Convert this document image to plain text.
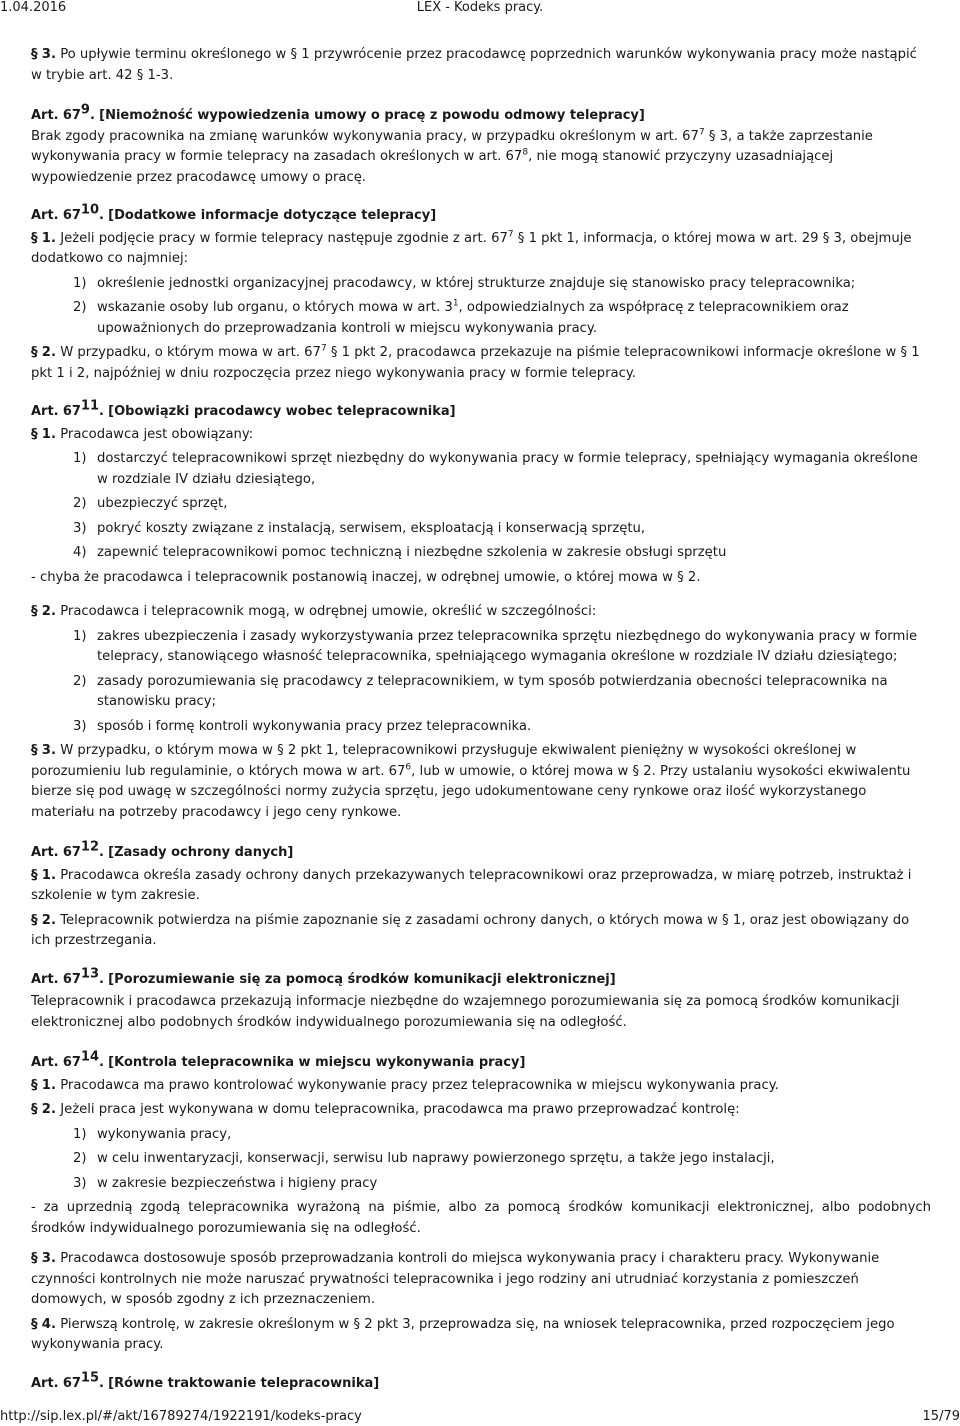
1.04.2016	LEX - Kodeks pracy.

§ 3. Po upływie terminu określonego w § 1 przywrócenie przez pracodawcę poprzednich warunków wykonywania pracy może nastąpić w trybie art. 42 § 1-3.

Art. $67^9$. [Niemożność wypowiedzenia umowy o pracę z powodu odmowy telepracy]

Brak zgody pracownika na zmianę warunków wykonywania pracy, w przypadku określonym w art. $67^7$ § 3, a także zaprzestanie wykonywania pracy w formie telepracy na zasadach określonych w art. $67^8$, nie mogą stanowić przyczyny uzasadniającej wypowiedzenie przez pracodawcę umowy o pracę.

Art. $67^{10}$. [Dodatkowe informacje dotyczące telepracy]

§ 1. Jeżeli podjęcie pracy w formie telepracy następuje zgodnie z art. $67^7$ § 1 pkt 1, informacja, o której mowa w art. 29 § 3, obejmuje dodatkowo co najmniej:

1) określenie jednostki organizacyjnej pracodawcy, w której strukturze znajduje się stanowisko pracy telepracownika;
2) wskazanie osoby lub organu, o których mowa w art. $3^1$, odpowiedzialnych za współpracę z telepracownikiem oraz upoważnionych do przeprowadzania kontroli w miejscu wykonywania pracy.

§ 2. W przypadku, o którym mowa w art. $67^7$ § 1 pkt 2, pracodawca przekazuje na piśmie telepracownikowi informacje określone w § 1 pkt 1 i 2, najpóźniej w dniu rozpoczęcia przez niego wykonywania pracy w formie telepracy.

Art. $67^{11}$. [Obowiązki pracodawcy wobec telepracownika]

§ 1. Pracodawca jest obowiązany:

1) dostarczyć telepracownikowi sprzęt niezbędny do wykonywania pracy w formie telepracy, spełniający wymagania określone w rozdziale IV działu dziesiątego,
2) ubezpieczyć sprzęt,
3) pokryć koszty związane z instalacją, serwisem, eksploatacją i konserwacją sprzętu,
4) zapewnić telepracownikowi pomoc techniczną i niezbędne szkolenia w zakresie obsługi sprzętu

- chyba że pracodawca i telepracownik postanowią inaczej, w odrębnej umowie, o której mowa w § 2.

§ 2. Pracodawca i telepracownik mogą, w odrębnej umowie, określić w szczególności:

1) zakres ubezpieczenia i zasady wykorzystywania przez telepracownika sprzętu niezbędnego do wykonywania pracy w formie telepracy, stanowiącego własność telepracownika, spełniającego wymagania określone w rozdziale IV działu dziesiątego;
2) zasady porozumiewania się pracodawcy z telepracownikiem, w tym sposób potwierdzania obecności telepracownika na stanowisku pracy;
3) sposób i formę kontroli wykonywania pracy przez telepracownika.

§ 3. W przypadku, o którym mowa w § 2 pkt 1, telepracownikowi przysługuje ekwiwalent pieniężny w wysokości określonej w porozumieniu lub regulaminie, o których mowa w art. $67^6$, lub w umowie, o której mowa w § 2. Przy ustalaniu wysokości ekwiwalentu bierze się pod uwagę w szczególności normy zużycia sprzętu, jego udokumentowane ceny rynkowe oraz ilość wykorzystanego materiału na potrzeby pracodawcy i jego ceny rynkowe.

Art. $67^{12}$. [Zasady ochrony danych]

§ 1. Pracodawca określa zasady ochrony danych przekazywanych telepracownikowi oraz przeprowadza, w miarę potrzeb, instruktaż i szkolenie w tym zakresie.

§ 2. Telepracownik potwierdza na piśmie zapoznanie się z zasadami ochrony danych, o których mowa w § 1, oraz jest obowiązany do ich przestrzegania.

Art. $67^{13}$. [Porozumiewanie się za pomocą środków komunikacji elektronicznej]

Telepracownik i pracodawca przekazują informacje niezbędne do wzajemnego porozumiewania się za pomocą środków komunikacji elektronicznej albo podobnych środków indywidualnego porozumiewania się na odległość.

Art. $67^{14}$. [Kontrola telepracownika w miejscu wykonywania pracy]

§ 1. Pracodawca ma prawo kontrolować wykonywanie pracy przez telepracownika w miejscu wykonywania pracy.

§ 2. Jeżeli praca jest wykonywana w domu telepracownika, pracodawca ma prawo przeprowadzać kontrolę:

1) wykonywania pracy,
2) w celu inwentaryzacji, konserwacji, serwisu lub naprawy powierzonego sprzętu, a także jego instalacji,
3) w zakresie bezpieczeństwa i higieny pracy

- za uprzednią zgodą telepracownika wyrażoną na piśmie, albo za pomocą środków komunikacji elektronicznej, albo podobnych środków indywidualnego porozumiewania się na odległość.

§ 3. Pracodawca dostosowuje sposób przeprowadzania kontroli do miejsca wykonywania pracy i charakteru pracy. Wykonywanie czynności kontrolnych nie może naruszać prywatności telepracownika i jego rodziny ani utrudniać korzystania z pomieszczeń domowych, w sposób zgodny z ich przeznaczeniem.

§ 4. Pierwszą kontrolę, w zakresie określonym w § 2 pkt 3, przeprowadza się, na wniosek telepracownika, przed rozpoczęciem jego wykonywania pracy.

Art. $67^{15}$. [Równe traktowanie telepracownika]

http://sip.lex.pl/#/akt/16789274/1922191/kodeks-pracy	15/79
